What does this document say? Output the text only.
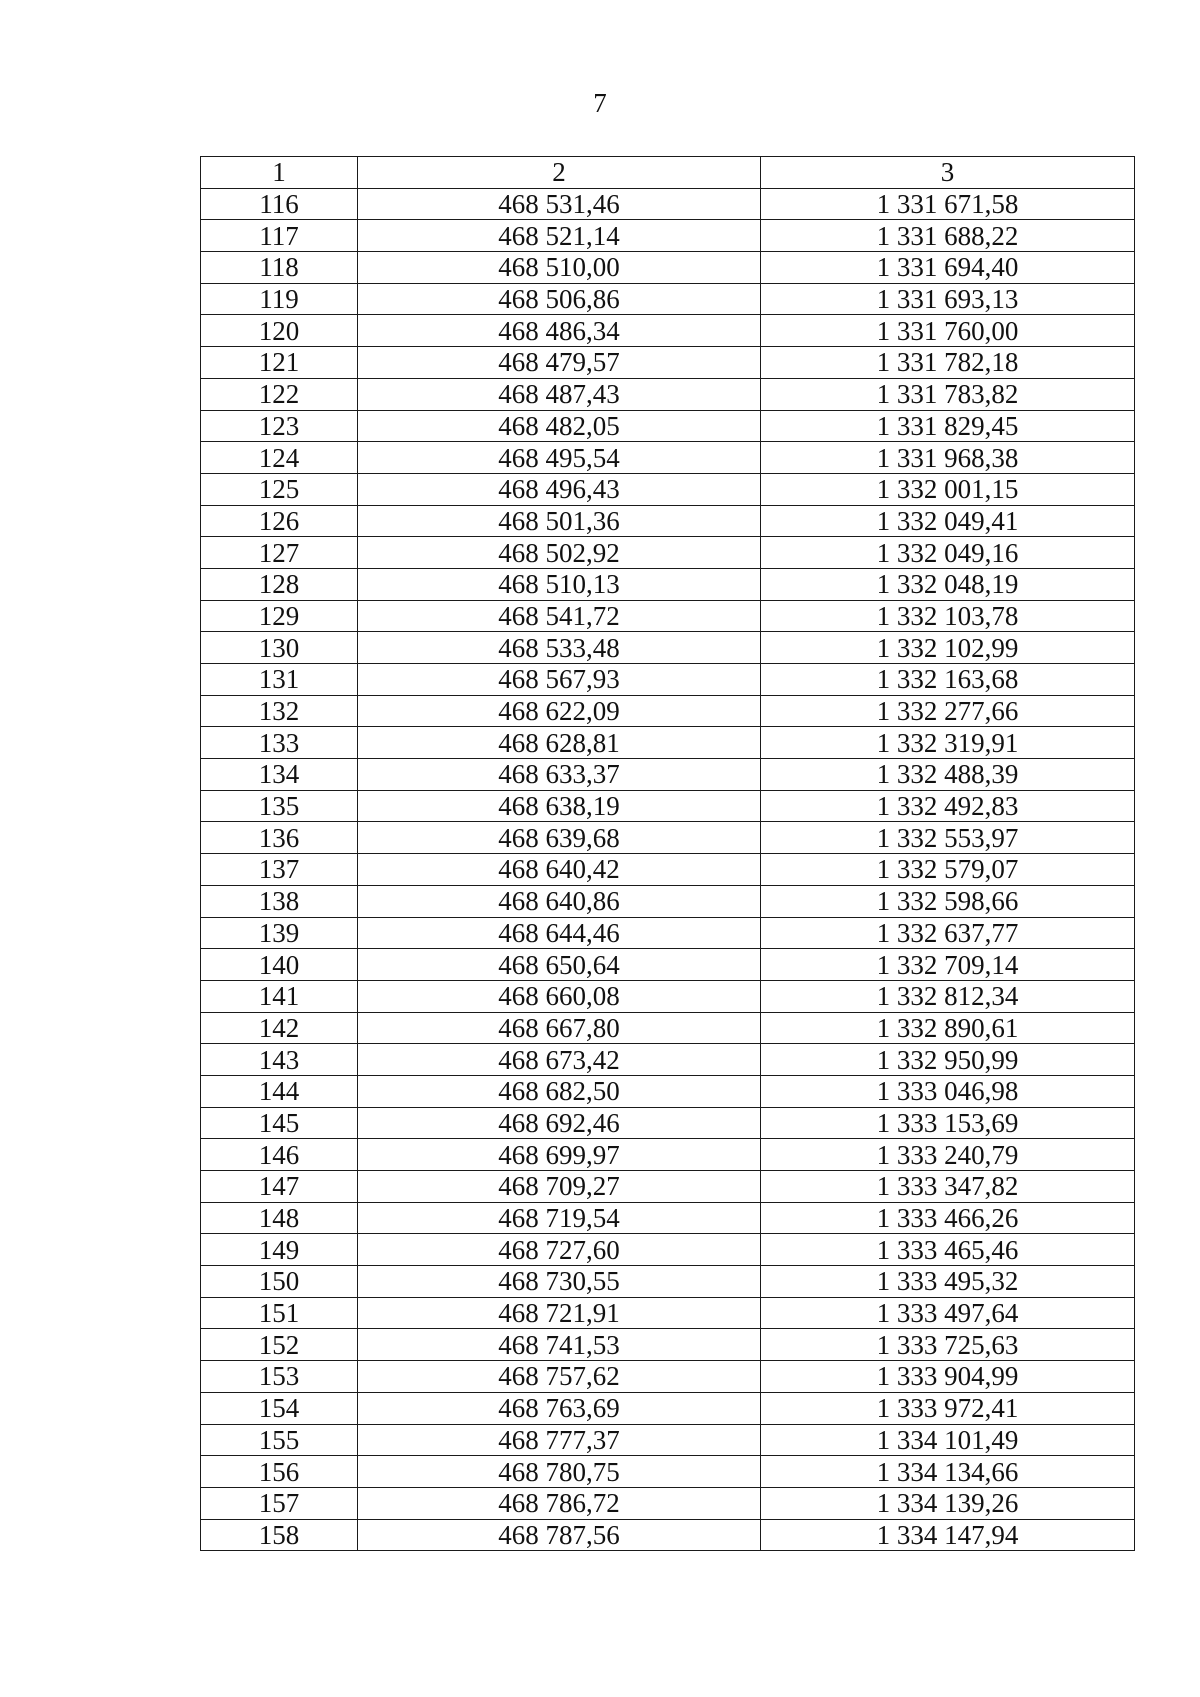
7
1	2	3
116	468 531,46	1 331 671,58
117	468 521,14	1 331 688,22
118	468 510,00	1 331 694,40
119	468 506,86	1 331 693,13
120	468 486,34	1 331 760,00
121	468 479,57	1 331 782,18
122	468 487,43	1 331 783,82
123	468 482,05	1 331 829,45
124	468 495,54	1 331 968,38
125	468 496,43	1 332 001,15
126	468 501,36	1 332 049,41
127	468 502,92	1 332 049,16
128	468 510,13	1 332 048,19
129	468 541,72	1 332 103,78
130	468 533,48	1 332 102,99
131	468 567,93	1 332 163,68
132	468 622,09	1 332 277,66
133	468 628,81	1 332 319,91
134	468 633,37	1 332 488,39
135	468 638,19	1 332 492,83
136	468 639,68	1 332 553,97
137	468 640,42	1 332 579,07
138	468 640,86	1 332 598,66
139	468 644,46	1 332 637,77
140	468 650,64	1 332 709,14
141	468 660,08	1 332 812,34
142	468 667,80	1 332 890,61
143	468 673,42	1 332 950,99
144	468 682,50	1 333 046,98
145	468 692,46	1 333 153,69
146	468 699,97	1 333 240,79
147	468 709,27	1 333 347,82
148	468 719,54	1 333 466,26
149	468 727,60	1 333 465,46
150	468 730,55	1 333 495,32
151	468 721,91	1 333 497,64
152	468 741,53	1 333 725,63
153	468 757,62	1 333 904,99
154	468 763,69	1 333 972,41
155	468 777,37	1 334 101,49
156	468 780,75	1 334 134,66
157	468 786,72	1 334 139,26
158	468 787,56	1 334 147,94
